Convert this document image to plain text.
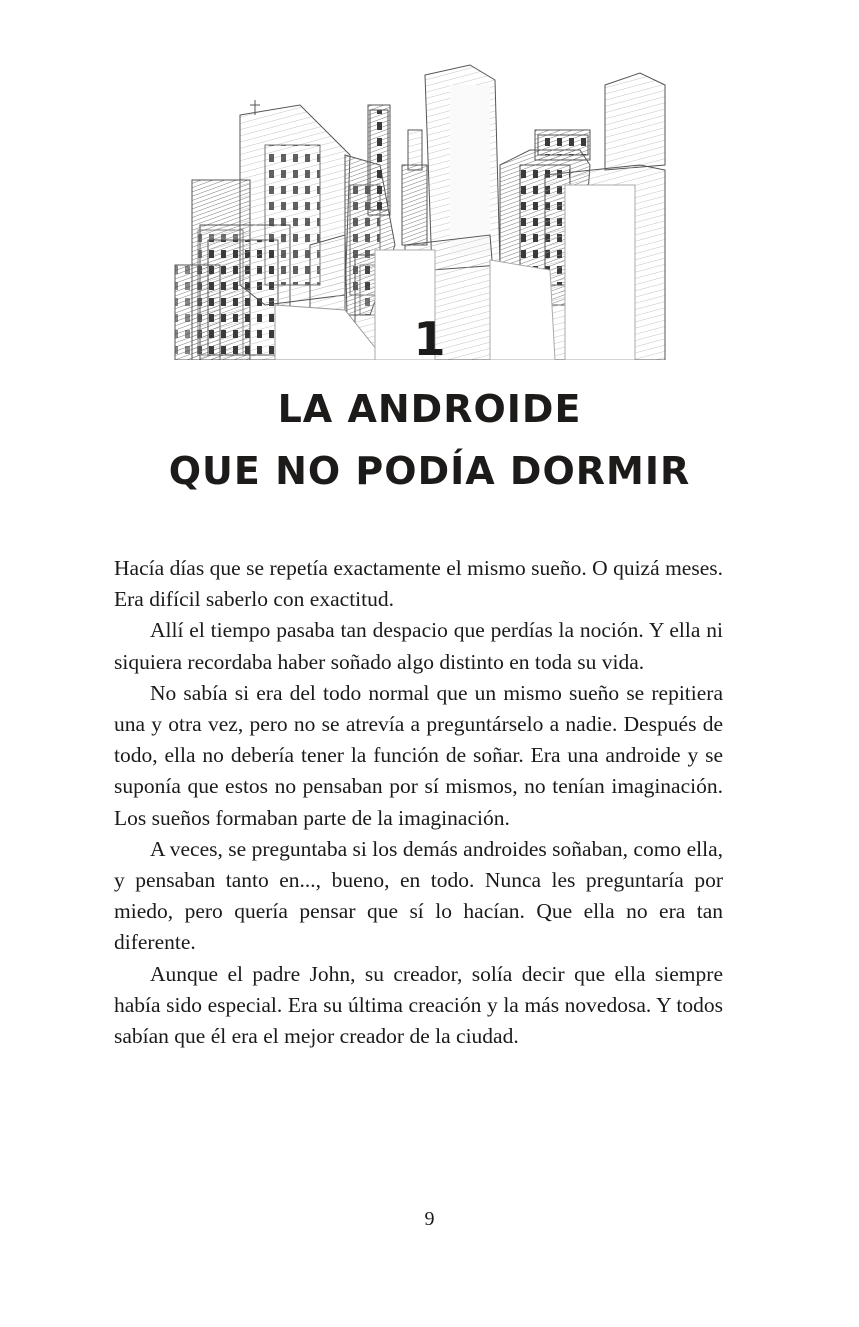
1
LA ANDROIDE
QUE NO PODÍA DORMIR

Hacía días que se repetía exactamente el mismo sueño. O quizá meses. Era difícil saberlo con exactitud.

Allí el tiempo pasaba tan despacio que perdías la noción. Y ella ni siquiera recordaba haber soñado algo distinto en toda su vida.

No sabía si era del todo normal que un mismo sueño se repitiera una y otra vez, pero no se atrevía a preguntárselo a nadie. Después de todo, ella no debería tener la función de soñar. Era una androide y se suponía que estos no pensaban por sí mismos, no tenían imaginación. Los sueños formaban parte de la imaginación.

A veces, se preguntaba si los demás androides soñaban, como ella, y pensaban tanto en..., bueno, en todo. Nunca les preguntaría por miedo, pero quería pensar que sí lo hacían. Que ella no era tan diferente.

Aunque el padre John, su creador, solía decir que ella siempre había sido especial. Era su última creación y la más novedosa. Y todos sabían que él era el mejor creador de la ciudad.

9
